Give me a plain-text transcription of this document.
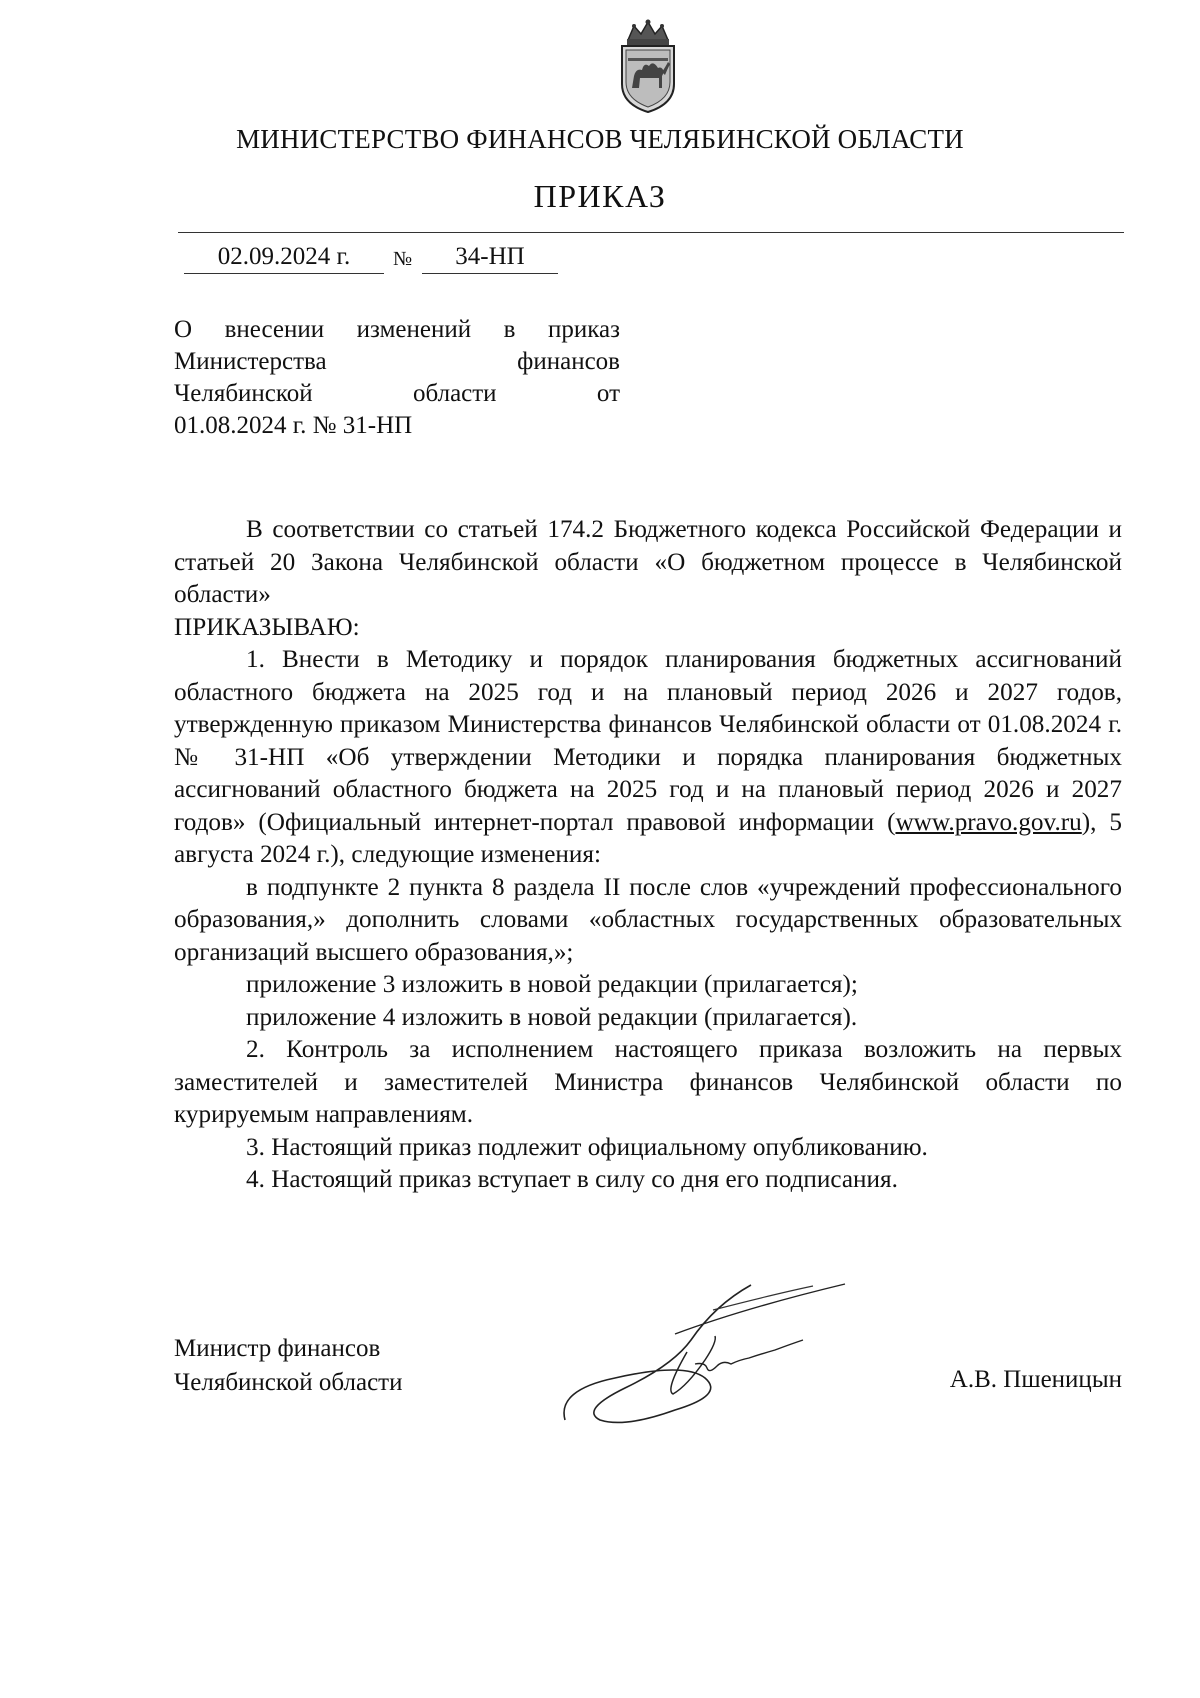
МИНИСТЕРСТВО ФИНАНСОВ ЧЕЛЯБИНСКОЙ ОБЛАСТИ
ПРИКАЗ
02.09.2024 г.	№	34-НП
О внесении изменений в приказ
Министерства финансов
Челябинской области от
01.08.2024 г. № 31-НП

В соответствии со статьей 174.2 Бюджетного кодекса Российской Федерации и статьей 20 Закона Челябинской области «О бюджетном процессе в Челябинской области»

ПРИКАЗЫВАЮ:

1. Внести в Методику и порядок планирования бюджетных ассигнований областного бюджета на 2025 год и на плановый период 2026 и 2027 годов, утвержденную приказом Министерства финансов Челябинской области от 01.08.2024 г. № 31-НП «Об утверждении Методики и порядка планирования бюджетных ассигнований областного бюджета на 2025 год и на плановый период 2026 и 2027 годов» (Официальный интернет-портал правовой информации (www.pravo.gov.ru), 5 августа 2024 г.), следующие изменения:

в подпункте 2 пункта 8 раздела II после слов «учреждений профессионального образования,» дополнить словами «областных государственных образовательных организаций высшего образования,»;

приложение 3 изложить в новой редакции (прилагается);

приложение 4 изложить в новой редакции (прилагается).

2. Контроль за исполнением настоящего приказа возложить на первых заместителей и заместителей Министра финансов Челябинской области по курируемым направлениям.

3. Настоящий приказ подлежит официальному опубликованию.

4. Настоящий приказ вступает в силу со дня его подписания.

Министр финансов
Челябинской области	А.В. Пшеницын
